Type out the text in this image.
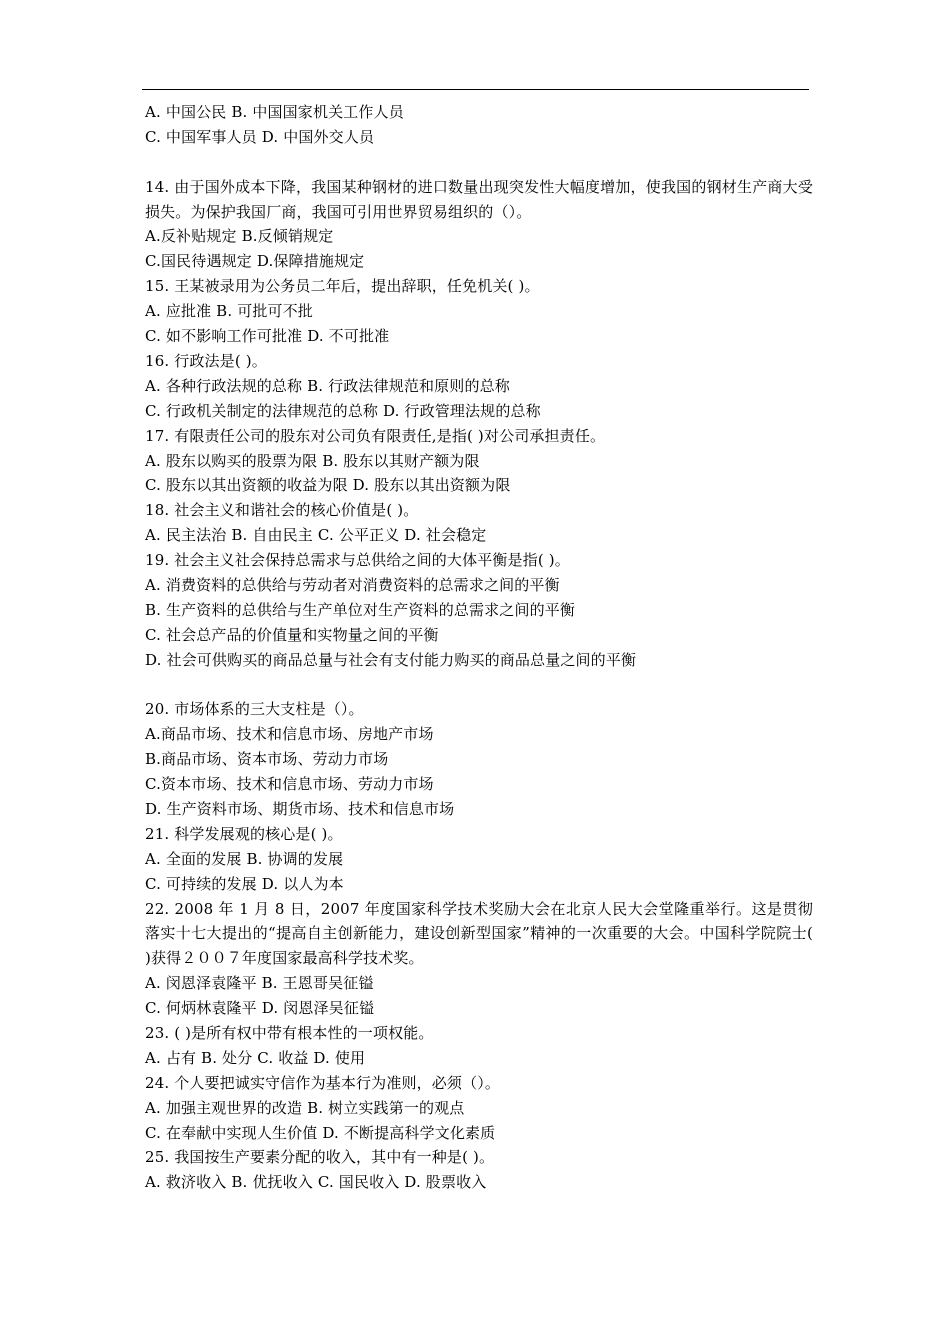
A. 中国公民 B. 中国国家机关工作人员
C. 中国军事人员 D. 中国外交人员
14. 由于国外成本下降，我国某种钢材的进口数量出现突发性大幅度增加，使我国的钢材生产商大受损失。为保护我国厂商，我国可引用世界贸易组织的（）。
A.反补贴规定 B.反倾销规定
C.国民待遇规定 D.保障措施规定
15. 王某被录用为公务员二年后，提出辞职，任免机关( )。
A. 应批准 B. 可批可不批
C. 如不影响工作可批准 D. 不可批准
16. 行政法是( )。
A. 各种行政法规的总称 B. 行政法律规范和原则的总称
C. 行政机关制定的法律规范的总称 D. 行政管理法规的总称
17. 有限责任公司的股东对公司负有限责任,是指( )对公司承担责任。
A. 股东以购买的股票为限 B. 股东以其财产额为限
C. 股东以其出资额的收益为限 D. 股东以其出资额为限
18. 社会主义和谐社会的核心价值是( )。
A. 民主法治 B. 自由民主 C. 公平正义 D. 社会稳定
19. 社会主义社会保持总需求与总供给之间的大体平衡是指( )。
A. 消费资料的总供给与劳动者对消费资料的总需求之间的平衡
B. 生产资料的总供给与生产单位对生产资料的总需求之间的平衡
C. 社会总产品的价值量和实物量之间的平衡
D. 社会可供购买的商品总量与社会有支付能力购买的商品总量之间的平衡
20. 市场体系的三大支柱是（）。
A.商品市场、技术和信息市场、房地产市场
B.商品市场、资本市场、劳动力市场
C.资本市场、技术和信息市场、劳动力市场
D. 生产资料市场、期货市场、技术和信息市场
21. 科学发展观的核心是( )。
A. 全面的发展 B. 协调的发展
C. 可持续的发展 D. 以人为本
22. 2008 年 1 月 8 日，2007 年度国家科学技术奖励大会在北京人民大会堂隆重举行。这是贯彻落实十七大提出的“提高自主创新能力，建设创新型国家”精神的一次重要的大会。中国科学院院士( )获得２００７年度国家最高科学技术奖。
A. 闵恩泽袁隆平 B. 王恩哥吴征镒
C. 何炳林袁隆平 D. 闵恩泽吴征镒
23. ( )是所有权中带有根本性的一项权能。
A. 占有 B. 处分 C. 收益 D. 使用
24. 个人要把诚实守信作为基本行为准则，必须（）。
A. 加强主观世界的改造 B. 树立实践第一的观点
C. 在奉献中实现人生价值 D. 不断提高科学文化素质
25. 我国按生产要素分配的收入，其中有一种是( )。
A. 救济收入 B. 优抚收入 C. 国民收入 D. 股票收入
